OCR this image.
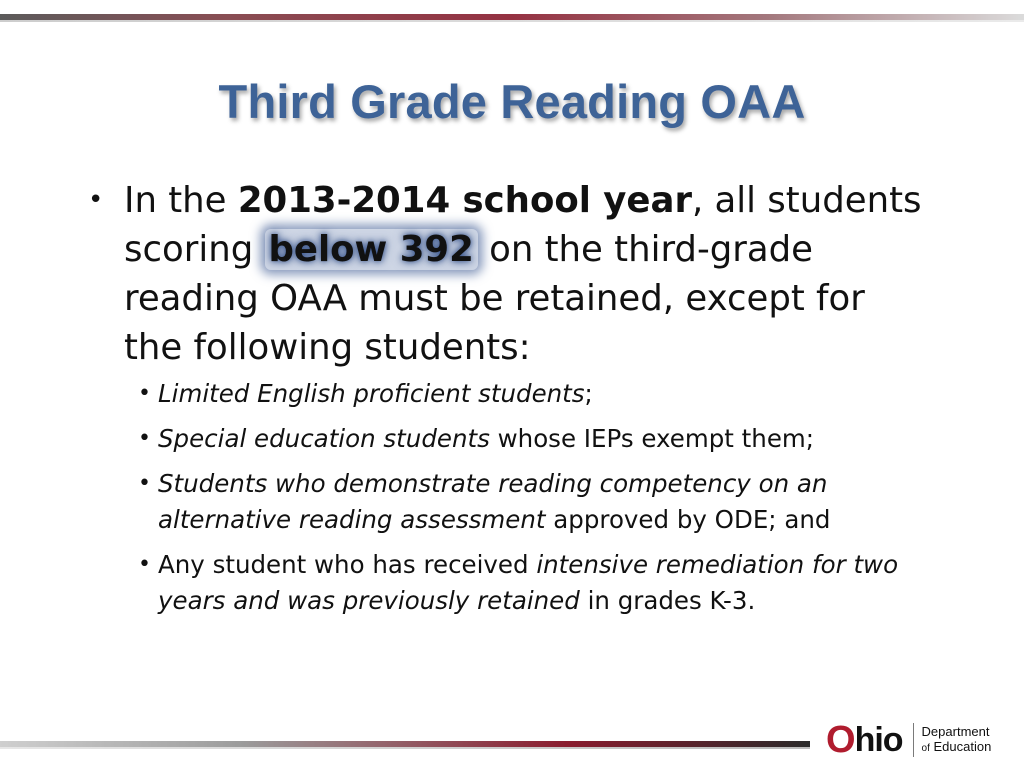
Third Grade Reading OAA
• In the 2013-2014 school year, all students scoring below 392 on the third-grade reading OAA must be retained, except for the following students:
• Limited English proficient students;
• Special education students whose IEPs exempt them;
• Students who demonstrate reading competency on an alternative reading assessment approved by ODE; and
• Any student who has received intensive remediation for two years and was previously retained in grades K-3.
O hio Department
of Education
